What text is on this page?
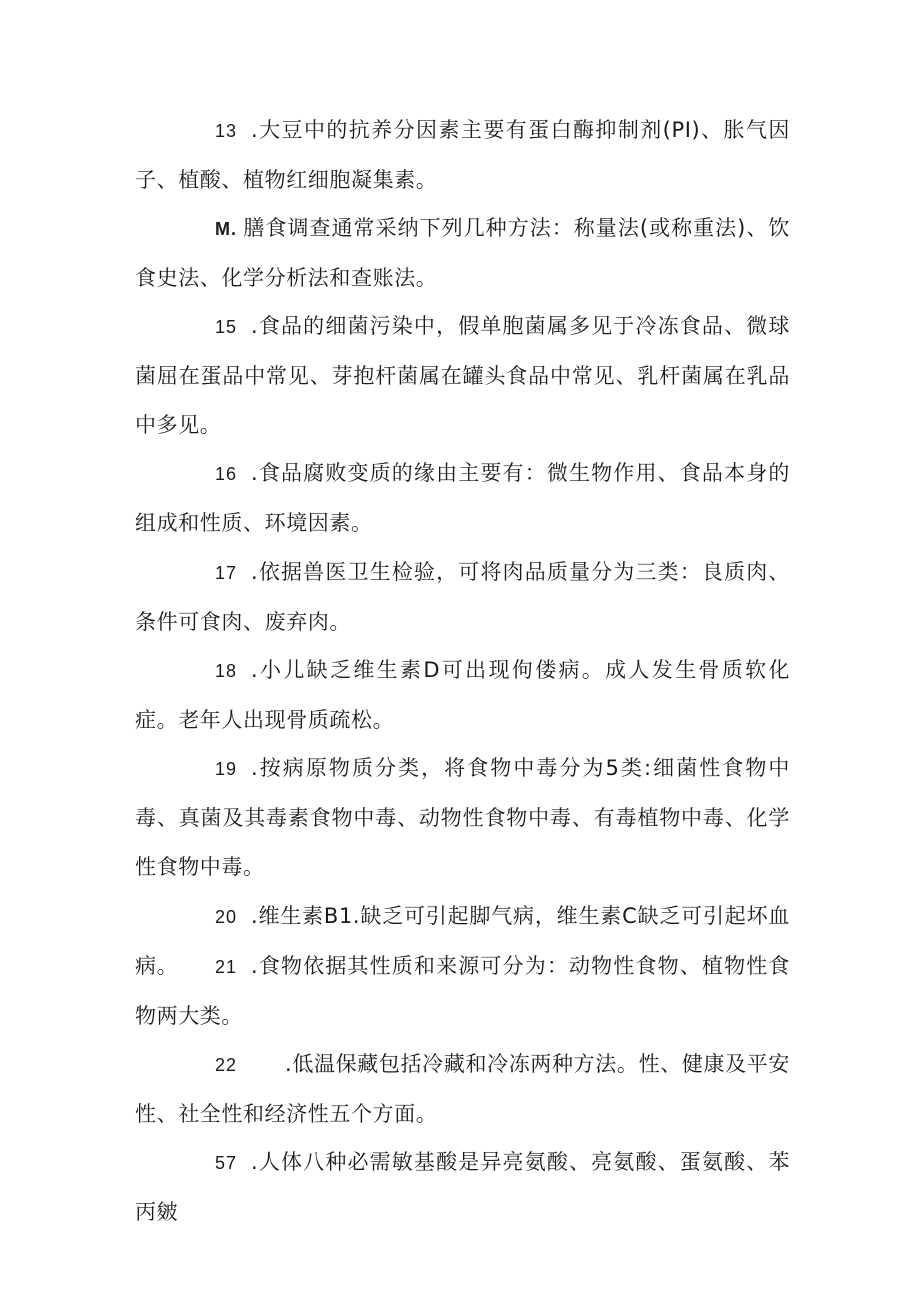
13 .大豆中的抗养分因素主要有蛋白酶抑制剂(PI)、胀气因子、植酸、植物红细胞凝集素。

M. 膳食调查通常采纳下列几种方法：称量法(或称重法)、饮食史法、化学分析法和查账法。

15 .食品的细菌污染中，假单胞菌属多见于冷冻食品、微球菌屈在蛋品中常见、芽抱杆菌属在罐头食品中常见、乳杆菌属在乳品中多见。

16 .食品腐败变质的缘由主要有：微生物作用、食品本身的组成和性质、环境因素。

17 .依据兽医卫生检验，可将肉品质量分为三类：良质肉、条件可食肉、废弃肉。

18 .小儿缺乏维生素D可出现佝偻病。成人发生骨质软化症。老年人出现骨质疏松。

19 .按病原物质分类，将食物中毒分为5类:细菌性食物中毒、真菌及其毒素食物中毒、动物性食物中毒、有毒植物中毒、化学性食物中毒。

20 .维生素B1.缺乏可引起脚气病，维生素C缺乏可引起坏血病。	21 .食物依据其性质和来源可分为：动物性食物、植物性食物两大类。

22 .低温保藏包括冷藏和冷冻两种方法。性、健康及平安性、社全性和经济性五个方面。

57 .人体八种必需敏基酸是异亮氨酸、亮氨酸、蛋氨酸、苯丙皴
